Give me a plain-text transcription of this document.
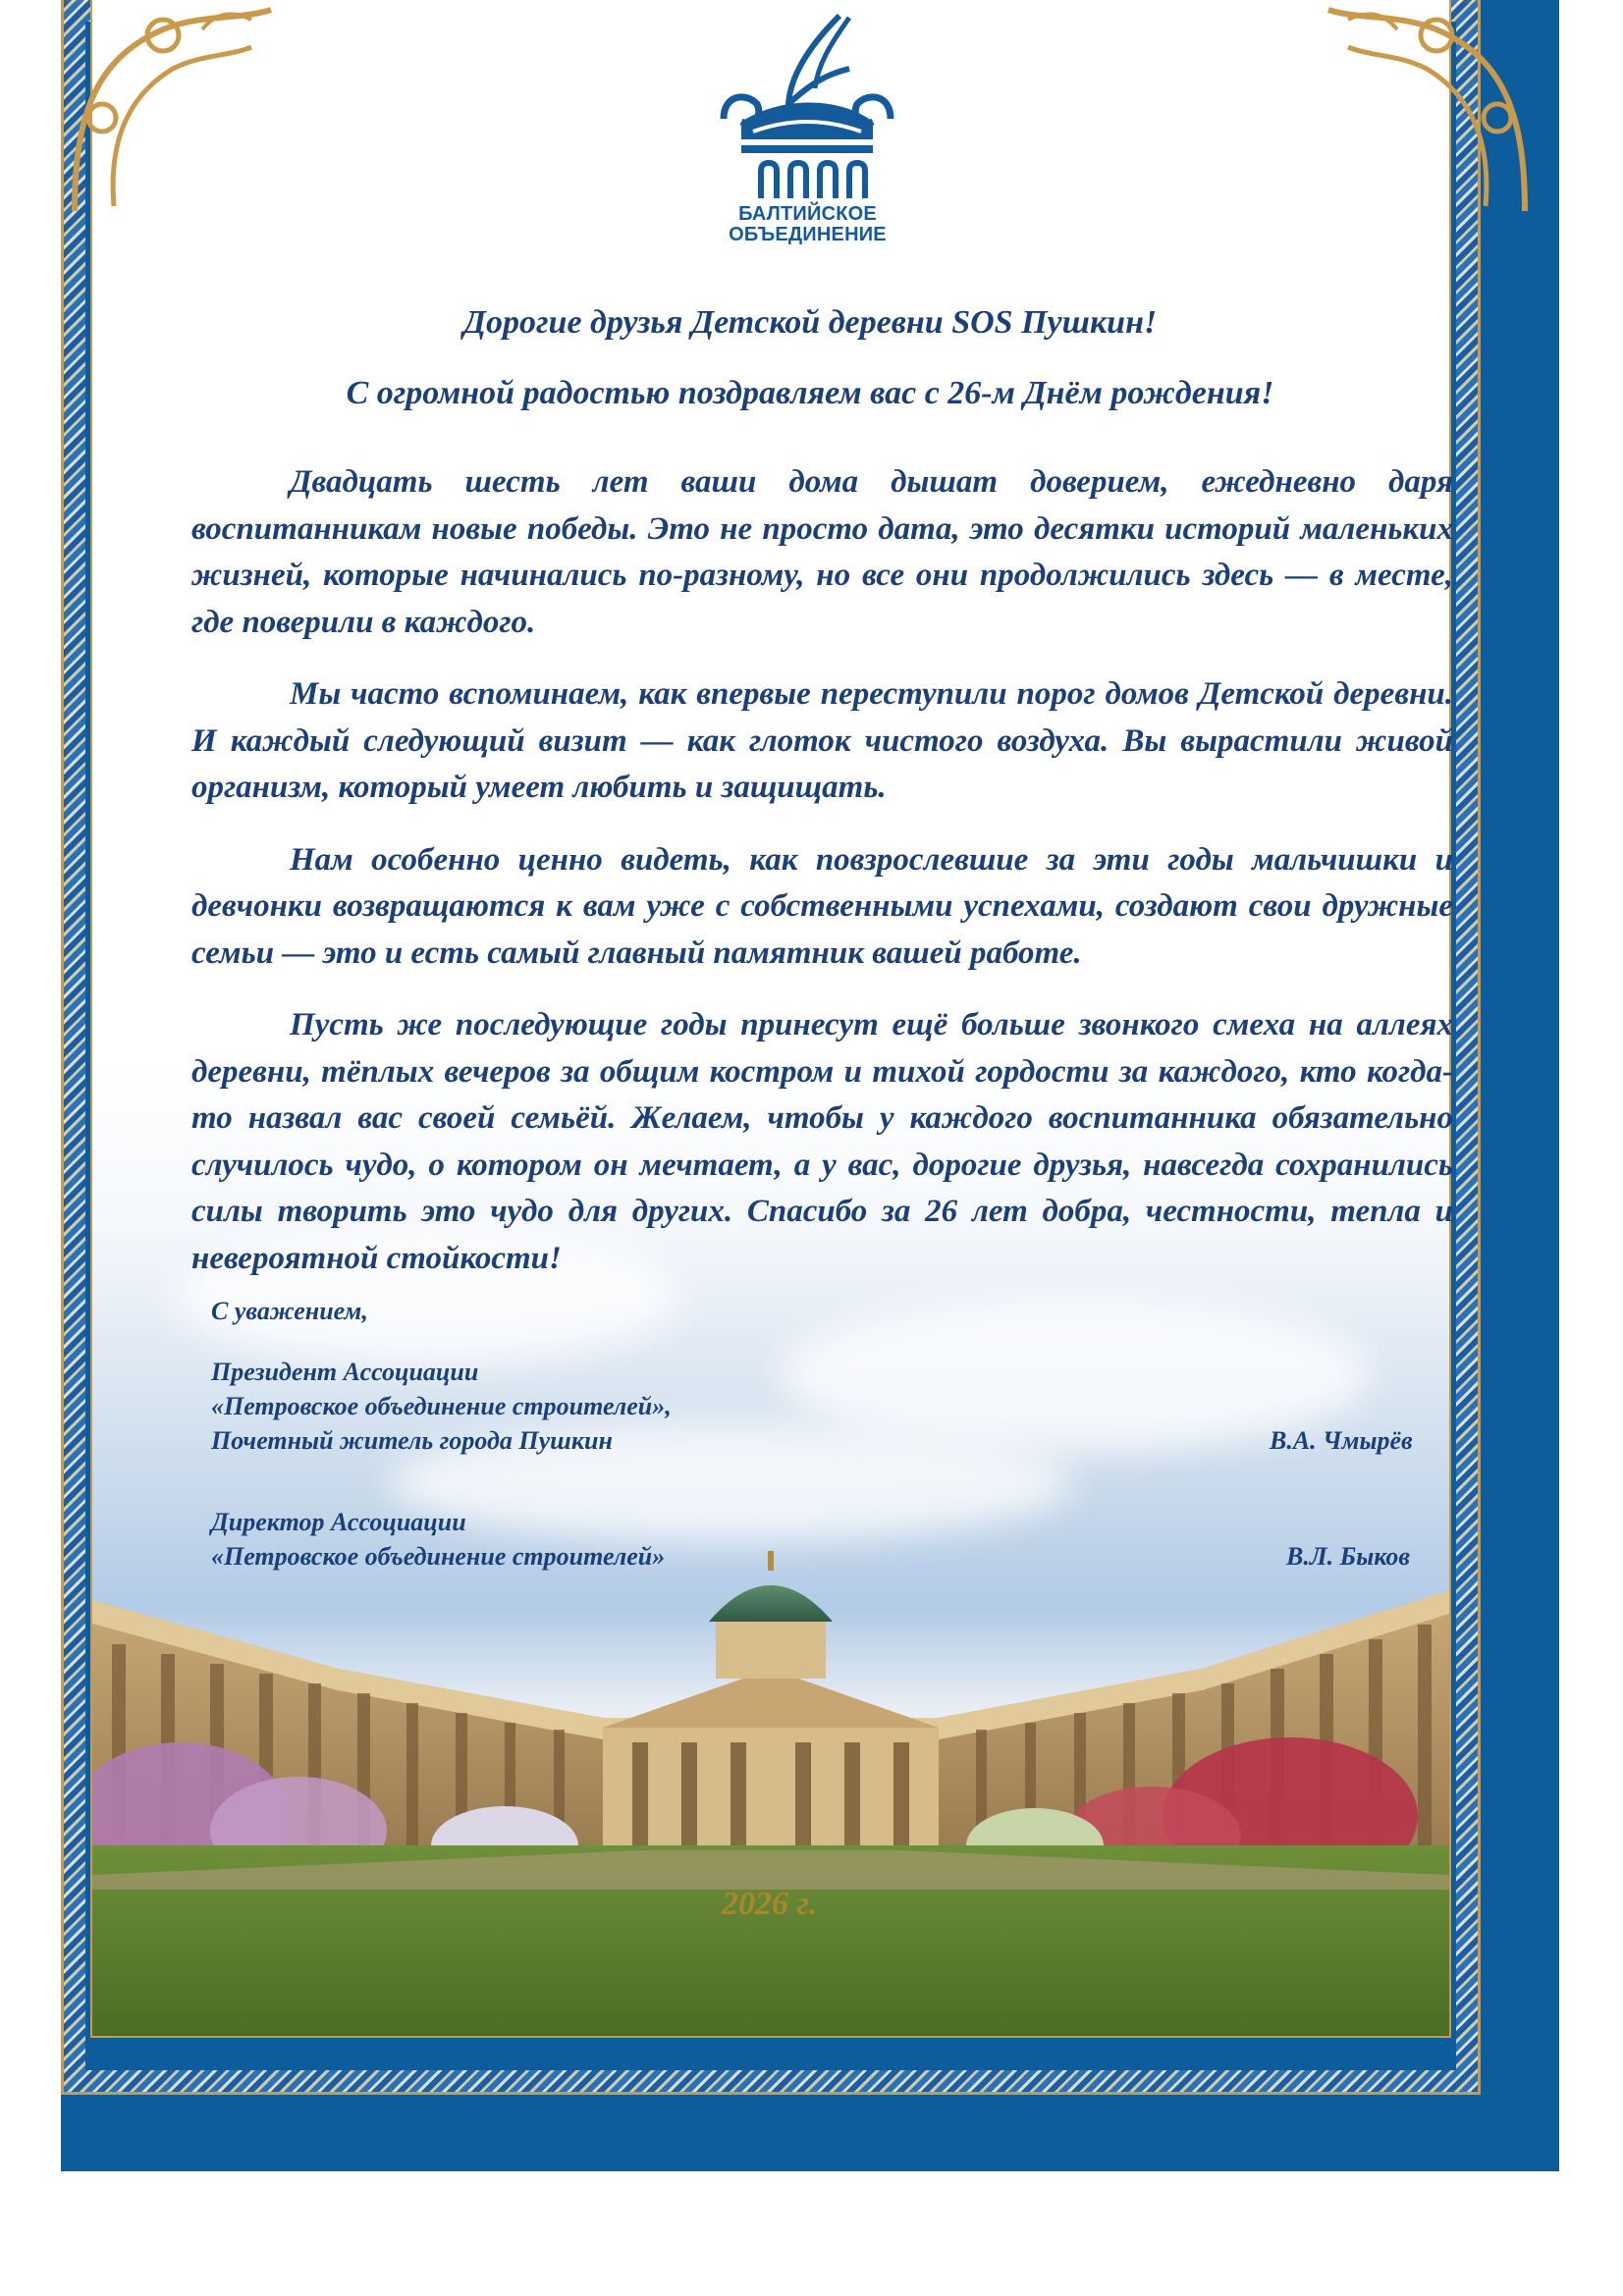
2026 г.
БАЛТИЙСКОЕ
ОБЪЕДИНЕНИЕ
Дорогие друзья Детской деревни SOS Пушкин!
С огромной радостью поздравляем вас с 26-м Днём рождения!

Двадцать шесть лет ваши дома дышат доверием, ежедневно даря воспитанникам новые победы. Это не просто дата, это десятки историй маленьких жизней, которые начинались по-разному, но все они продолжились здесь — в месте, где поверили в каждого.

Мы часто вспоминаем, как впервые переступили порог домов Детской деревни. И каждый следующий визит — как глоток чистого воздуха. Вы вырастили живой организм, который умеет любить и защищать.

Нам особенно ценно видеть, как повзрослевшие за эти годы мальчишки и девчонки возвращаются к вам уже с собственными успехами, создают свои дружные семьи — это и есть самый главный памятник вашей работе.

Пусть же последующие годы принесут ещё больше звонкого смеха на аллеях деревни, тёплых вечеров за общим костром и тихой гордости за каждого, кто когда-то назвал вас своей семьёй. Желаем, чтобы у каждого воспитанника обязательно случилось чудо, о котором он мечтает, а у вас, дорогие друзья, навсегда сохранились силы творить это чудо для других. Спасибо за 26 лет добра, честности, тепла и невероятной стойкости!

С уважением,
Президент Ассоциации
«Петровское объединение строителей»,
Почетный житель города Пушкин	В.А. Чмырёв
Директор Ассоциации
«Петровское объединение строителей»	В.Л. Быков
